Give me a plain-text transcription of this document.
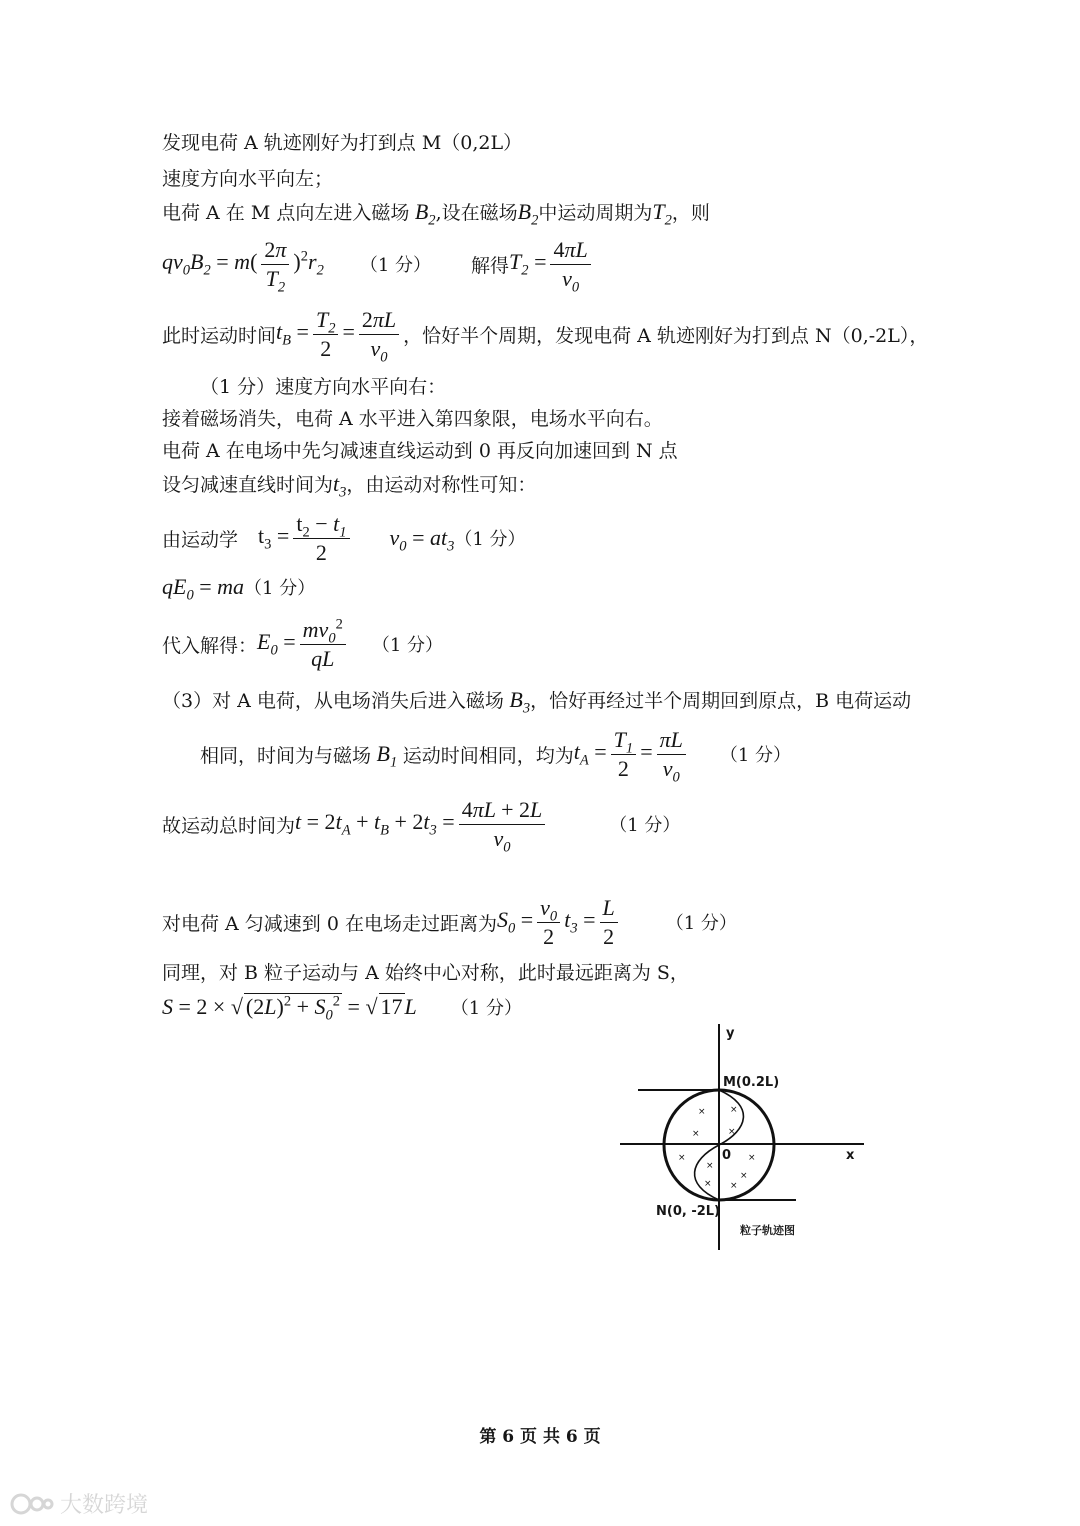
发现电荷 A 轨迹刚好为打到点 M（0,2L）
速度方向水平向左；
电荷 A 在 M 点向左进入磁场 $B_2$ ,设在磁场 $B_2$ 中运动周期为 $T_2$ ，则
$qv_0B_2 = m( \frac{2\pi}{T_2} )^2r_2$ （1 分） 解得 $T_2 = \frac{4\pi L}{v_0}$
此时运动时间 $t_B = \frac{T_2}{2} = \frac{2\pi L}{v_0}$ ，恰好半个周期，发现电荷 A 轨迹刚好为打到点 N（0,-2L），
（1 分）速度方向水平向右：
接着磁场消失，电荷 A 水平进入第四象限，电场水平向右。
电荷 A 在电场中先匀减速直线运动到 0 再反向加速回到 N 点
设匀减速直线时间为 $t_3$ ，由运动对称性可知：
由运动学 $t_3 = \frac{t_2 - t_1}{2} v_0 = at_3$ （1 分）
$qE_0$ = ma （1 分）
代入解得： $E_0 = \frac{mv_0^2}{qL} (1$ 分）
（3）对 A 电荷，从电场消失后进入磁场 $B_3$ ，恰好再经过半个周期回到原点，B 电荷运动
相同，时间为与磁场 $B_1$ 运动时间相同，均为 $t_A = \frac{T_1}{2} = \frac{\pi L}{v_0} (1$ 分）
故运动总时间为 $t = 2t_A + t_B + 2t_3 = \frac{4\pi L + 2L}{v_0}$	（1 分）
对电荷 A 匀减速到 0 在电场走过距离为 $S_0 = \frac{v_0}{2} t_3 = \frac{L}{2}$	（1 分）
同理，对 B 粒子运动与 A 始终中心对称，此时最远距离为 S，
S = 2 × √ $(2L)^2 + S_0^2$ = √ 17L （1 分）
×	×
×	×
×	×
×
×
× ×
y
x
0
M(0.2L)
N(0, -2L)
粒子轨迹图
第 6 页 共 6 页
大数跨境
